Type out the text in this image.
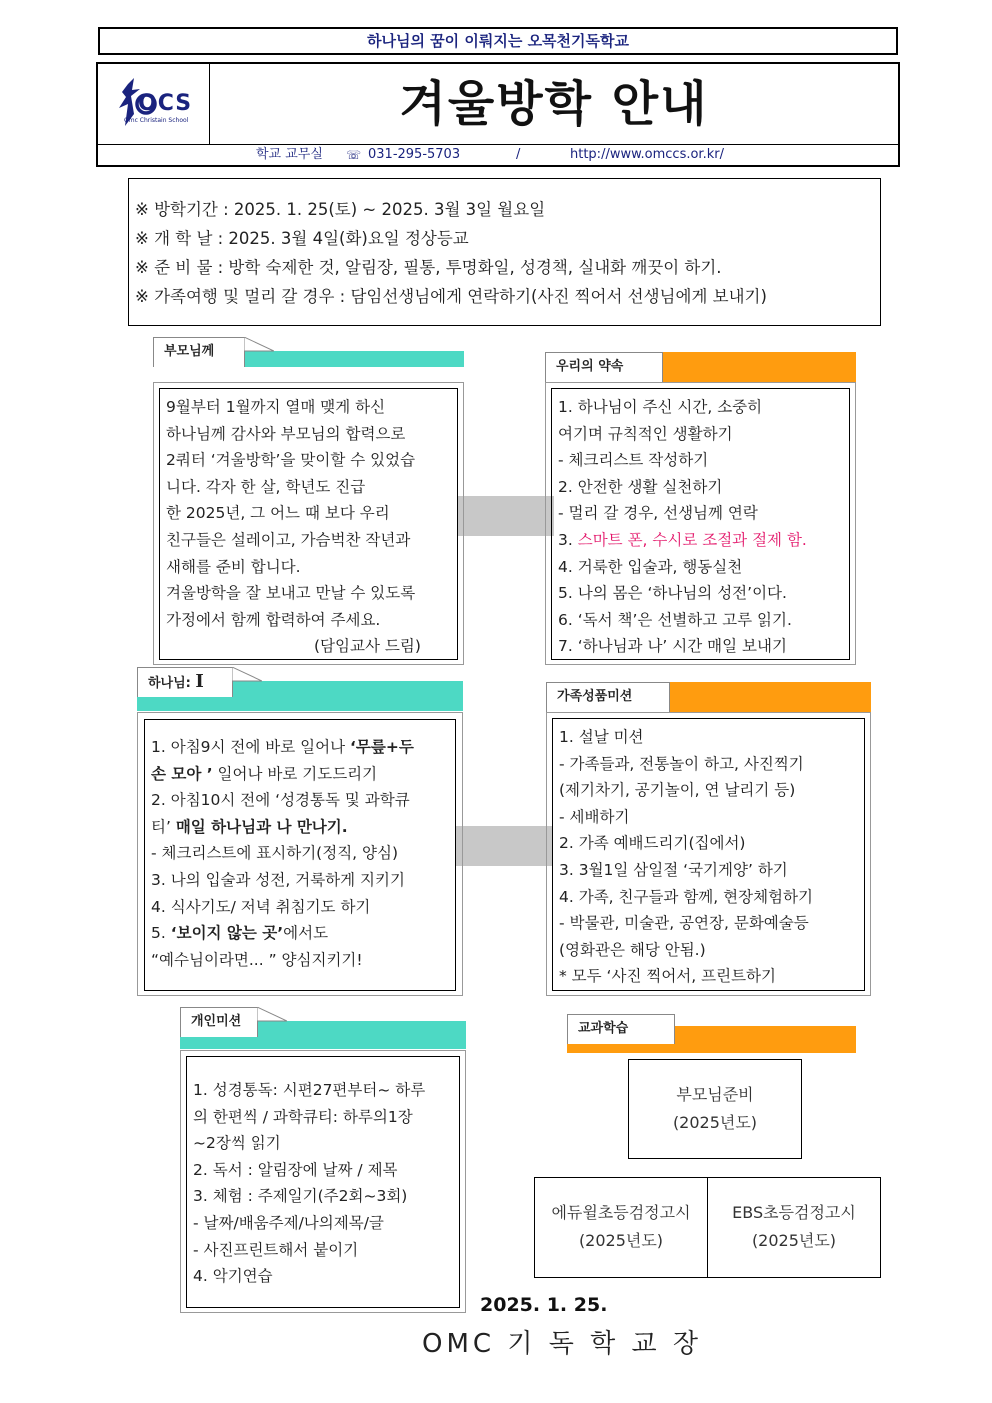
하나님의 꿈이 이뤄지는 오목천기독학교
OCS
Omc Christain School	겨울방학 안내
학교 교무실 ☏ 031-295-5703	/	http://www.omccs.or.kr/
※ 방학기간 : 2025. 1. 25(토) ~ 2025. 3월 3일 월요일
※ 개 학 날 : 2025. 3월 4일(화)요일 정상등교
※ 준 비 물 : 방학 숙제한 것, 알림장, 필통, 투명화일, 성경책, 실내화 깨끗이 하기.
※ 가족여행 및 멀리 갈 경우 : 담임선생님에게 연락하기(사진 찍어서 선생님에게 보내기)
부모님께
9월부터 1월까지 열매 맺게 하신
하나님께 감사와 부모님의 합력으로
2쿼터 ‘겨울방학’을 맞이할 수 있었습
니다. 각자 한 살, 학년도 진급
한 2025년, 그 어느 때 보다 우리
친구들은 설레이고, 가슴벅찬 작년과
새해를 준비 합니다.
겨울방학을 잘 보내고 만날 수 있도록
가정에서 함께 합력하여 주세요.
(담임교사 드림)
우리의 약속
1. 하나님이 주신 시간, 소중히
여기며 규칙적인 생활하기
- 체크리스트 작성하기
2. 안전한 생활 실천하기
- 멀리 갈 경우, 선생님께 연락
3. 스마트 폰, 수시로 조절과 절제 함.
4. 거룩한 입술과, 행동실천
5. 나의 몸은 ‘하나님의 성전’이다.
6. ‘독서 책’은 선별하고 고루 읽기.
7. ‘하나님과 나’ 시간 매일 보내기
하나님: I
1. 아침9시 전에 바로 일어나 ‘무릎+두
손 모아 ’ 일어나 바로 기도드리기
2. 아침10시 전에 ‘성경통독 및 과학큐
티’ 매일 하나님과 나 만나기.
- 체크리스트에 표시하기(정직, 양심)
3. 나의 입술과 성전, 거룩하게 지키기
4. 식사기도/ 저녁 취침기도 하기
5. ‘보이지 않는 곳’에서도
“예수님이라면... ” 양심지키기!
가족성품미션
1. 설날 미션
- 가족들과, 전통놀이 하고, 사진찍기
(제기차기, 공기놀이, 연 날리기 등)
- 세배하기
2. 가족 예배드리기(집에서)
3. 3월1일 삼일절 ‘국기게양’ 하기
4. 가족, 친구들과 함께, 현장체험하기
- 박물관, 미술관, 공연장, 문화예술등
(영화관은 해당 안됨.)
* 모두 ‘사진 찍어서, 프린트하기
개인미션
1. 성경통독: 시편27편부터~ 하루
의 한편씩 / 과학큐티: 하루의1장
~2장씩 읽기
2. 독서 : 알림장에 날짜 / 제목
3. 체험 : 주제일기(주2회~3회)
- 날짜/배움주제/나의제목/글
- 사진프린트해서 붙이기
4. 악기연습
교과학습
부모님준비
(2025년도)
에듀윌초등검정고시
(2025년도)
EBS초등검정고시
(2025년도)
2025. 1. 25.
OMC 기 독 학 교 장
